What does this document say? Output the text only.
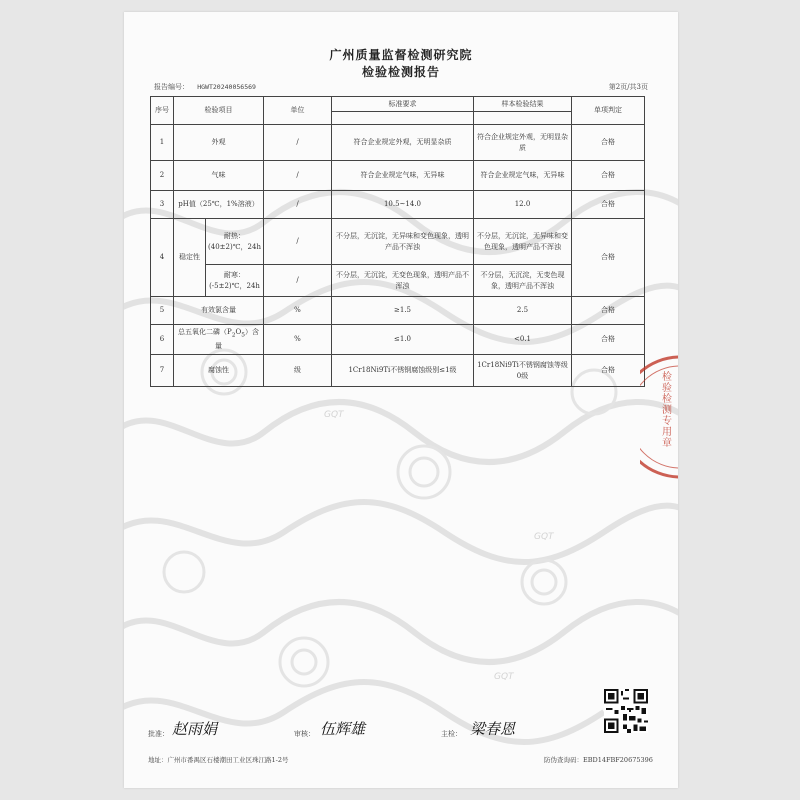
GQT
GQT
GQT
广州质量监督检测研究院
检验检测报告
报告编号： HGWT20240056569	第2页/共3页
序号	检验项目		单位	标准要求	样本检验结果	单项判定

1	外观		/	符合企业规定外观，无明显杂质	符合企业规定外观，无明显杂质	合格
2	气味		/	符合企业规定气味，无异味	符合企业规定气味，无异味	合格
3	pH值（25℃，1%溶液）		/	10.5~14.0	12.0	合格
4	稳定性	耐热：(40±2)℃，24h	/	不分层，无沉淀，无异味和变色现象，透明产品不浑浊	不分层，无沉淀，无异味和变色现象，透明产品不浑浊	合格
		耐寒：(-5±2)℃，24h	/	不分层，无沉淀，无变色现象，透明产品不浑浊	不分层，无沉淀，无变色现象，透明产品不浑浊	
5	有效氯含量		%	≥1.5	2.5	合格
6	总五氧化二磷$(P_2O_5)$含量		%	≤1.0	<0.1	合格
7	腐蚀性		级	1Cr18Ni9Ti不锈钢腐蚀级别≤1级	1Cr18Ni9Ti不锈钢腐蚀等级0级	合格
检验检测专用章
批准： 赵雨娟	审核： 伍辉雄	主检： 梁春恩
地址：广州市番禺区石楼潮田工业区珠江路1-2号	防伪查询码：EBD14FBF20675396
